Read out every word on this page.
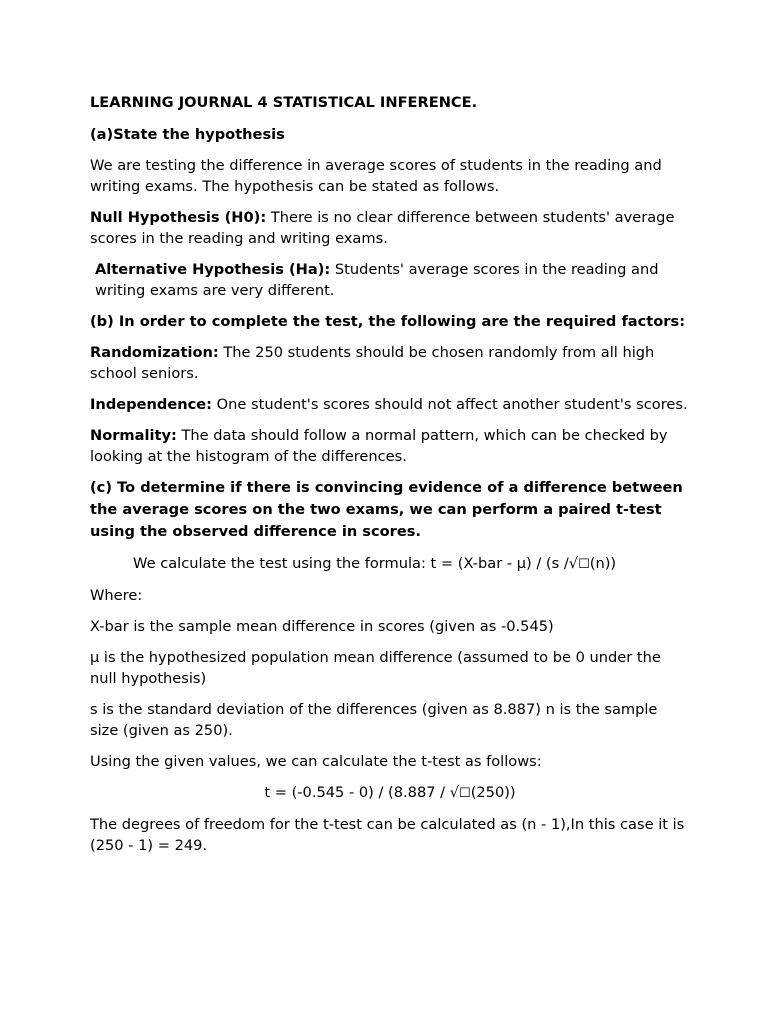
LEARNING JOURNAL 4 STATISTICAL INFERENCE.

(a)State the hypothesis

We are testing the difference in average scores of students in the reading and writing exams. The hypothesis can be stated as follows.

Null Hypothesis (H0): There is no clear difference between students' average scores in the reading and writing exams.

Alternative Hypothesis (Ha): Students' average scores in the reading and writing exams are very different.

(b) In order to complete the test, the following are the required factors:

Randomization: The 250 students should be chosen randomly from all high school seniors.

Independence: One student's scores should not affect another student's scores.

Normality: The data should follow a normal pattern, which can be checked by looking at the histogram of the differences.

(c) To determine if there is convincing evidence of a difference between the average scores on the two exams, we can perform a paired t-test using the observed difference in scores.

We calculate the test using the formula: t = (X-bar - μ) / (s /√☐(n))

Where:

X-bar is the sample mean difference in scores (given as -0.545)

μ is the hypothesized population mean difference (assumed to be 0 under the null hypothesis)

s is the standard deviation of the differences (given as 8.887) n is the sample size (given as 250).

Using the given values, we can calculate the t-test as follows:

t = (-0.545 - 0) / (8.887 / √☐(250))

The degrees of freedom for the t-test can be calculated as (n - 1),In this case it is (250 - 1) = 249.
